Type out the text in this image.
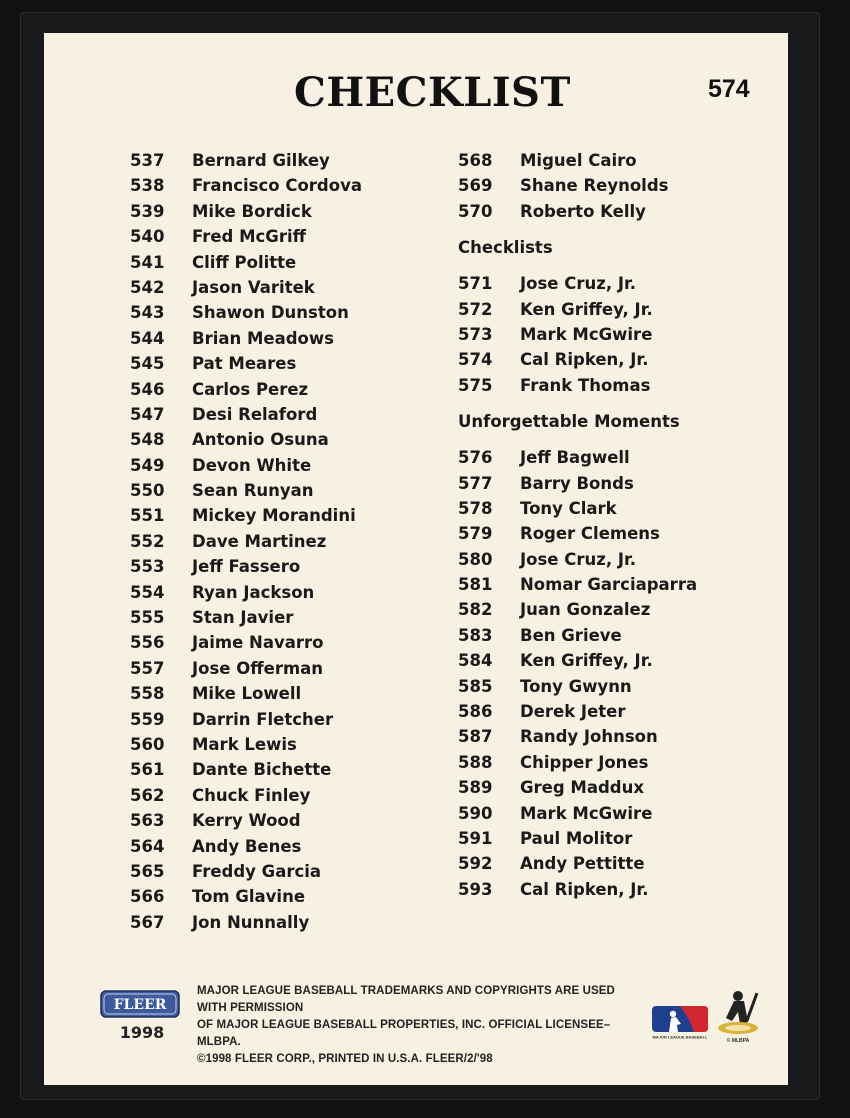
CHECKLIST	574
537 Bernard Gilkey
538 Francisco Cordova
539 Mike Bordick
540 Fred McGriff
541 Cliff Politte
542 Jason Varitek
543 Shawon Dunston
544 Brian Meadows
545 Pat Meares
546 Carlos Perez
547 Desi Relaford
548 Antonio Osuna
549 Devon White
550 Sean Runyan
551 Mickey Morandini
552 Dave Martinez
553 Jeff Fassero
554 Ryan Jackson
555 Stan Javier
556 Jaime Navarro
557 Jose Offerman
558 Mike Lowell
559 Darrin Fletcher
560 Mark Lewis
561 Dante Bichette
562 Chuck Finley
563 Kerry Wood
564 Andy Benes
565 Freddy Garcia
566 Tom Glavine
567 Jon Nunnally
568 Miguel Cairo
569 Shane Reynolds
570 Roberto Kelly
Checklists
571 Jose Cruz, Jr.
572 Ken Griffey, Jr.
573 Mark McGwire
574 Cal Ripken, Jr.
575 Frank Thomas
Unforgettable Moments
576 Jeff Bagwell
577 Barry Bonds
578 Tony Clark
579 Roger Clemens
580 Jose Cruz, Jr.
581 Nomar Garciaparra
582 Juan Gonzalez
583 Ben Grieve
584 Ken Griffey, Jr.
585 Tony Gwynn
586 Derek Jeter
587 Randy Johnson
588 Chipper Jones
589 Greg Maddux
590 Mark McGwire
591 Paul Molitor
592 Andy Pettitte
593 Cal Ripken, Jr.
FLEER
1998
MAJOR LEAGUE BASEBALL TRADEMARKS AND COPYRIGHTS ARE USED WITH PERMISSION
OF MAJOR LEAGUE BASEBALL PROPERTIES, INC. OFFICIAL LICENSEE–MLBPA.
©1998 FLEER CORP., PRINTED IN U.S.A. FLEER/2/'98
MAJOR LEAGUE BASEBALL
© MLBPA
